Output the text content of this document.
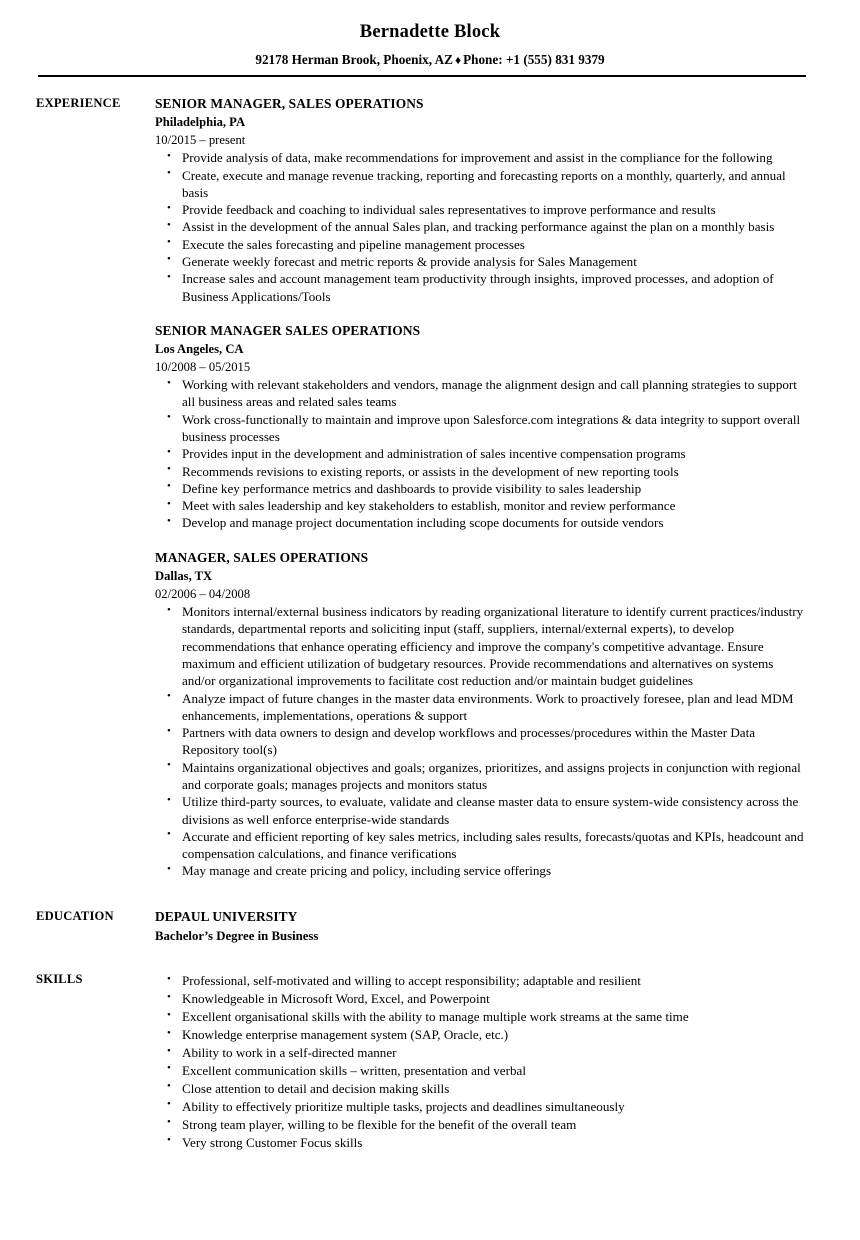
Bernadette Block
92178 Herman Brook, Phoenix, AZ ♦ Phone: +1 (555) 831 9379
EXPERIENCE	SENIOR MANAGER, SALES OPERATIONS
Philadelphia, PA
10/2015 – present
• Provide analysis of data, make recommendations for improvement and assist in the compliance for the following
• Create, execute and manage revenue tracking, reporting and forecasting reports on a monthly, quarterly, and annual basis
• Provide feedback and coaching to individual sales representatives to improve performance and results
• Assist in the development of the annual Sales plan, and tracking performance against the plan on a monthly basis
• Execute the sales forecasting and pipeline management processes
• Generate weekly forecast and metric reports & provide analysis for Sales Management
• Increase sales and account management team productivity through insights, improved processes, and adoption of Business Applications/Tools
SENIOR MANAGER SALES OPERATIONS
Los Angeles, CA
10/2008 – 05/2015
• Working with relevant stakeholders and vendors, manage the alignment design and call planning strategies to support all business areas and related sales teams
• Work cross-functionally to maintain and improve upon Salesforce.com integrations & data integrity to support overall business processes
• Provides input in the development and administration of sales incentive compensation programs
• Recommends revisions to existing reports, or assists in the development of new reporting tools
• Define key performance metrics and dashboards to provide visibility to sales leadership
• Meet with sales leadership and key stakeholders to establish, monitor and review performance
• Develop and manage project documentation including scope documents for outside vendors
MANAGER, SALES OPERATIONS
Dallas, TX
02/2006 – 04/2008
• Monitors internal/external business indicators by reading organizational literature to identify current practices/industry standards, departmental reports and soliciting input (staff, suppliers, internal/external experts), to develop recommendations that enhance operating efficiency and improve the company's competitive advantage. Ensure maximum and efficient utilization of budgetary resources. Provide recommendations and alternatives on systems and/or organizational improvements to facilitate cost reduction and/or maintain budget guidelines
• Analyze impact of future changes in the master data environments. Work to proactively foresee, plan and lead MDM enhancements, implementations, operations & support
• Partners with data owners to design and develop workflows and processes/procedures within the Master Data Repository tool(s)
• Maintains organizational objectives and goals; organizes, prioritizes, and assigns projects in conjunction with regional and corporate goals; manages projects and monitors status
• Utilize third-party sources, to evaluate, validate and cleanse master data to ensure system-wide consistency across the divisions as well enforce enterprise-wide standards
• Accurate and efficient reporting of key sales metrics, including sales results, forecasts/quotas and KPIs, headcount and compensation calculations, and finance verifications
• May manage and create pricing and policy, including service offerings
EDUCATION	DEPAUL UNIVERSITY
Bachelor’s Degree in Business
SKILLS	• Professional, self-motivated and willing to accept responsibility; adaptable and resilient
• Knowledgeable in Microsoft Word, Excel, and Powerpoint
• Excellent organisational skills with the ability to manage multiple work streams at the same time
• Knowledge enterprise management system (SAP, Oracle, etc.)
• Ability to work in a self-directed manner
• Excellent communication skills – written, presentation and verbal
• Close attention to detail and decision making skills
• Ability to effectively prioritize multiple tasks, projects and deadlines simultaneously
• Strong team player, willing to be flexible for the benefit of the overall team
• Very strong Customer Focus skills
